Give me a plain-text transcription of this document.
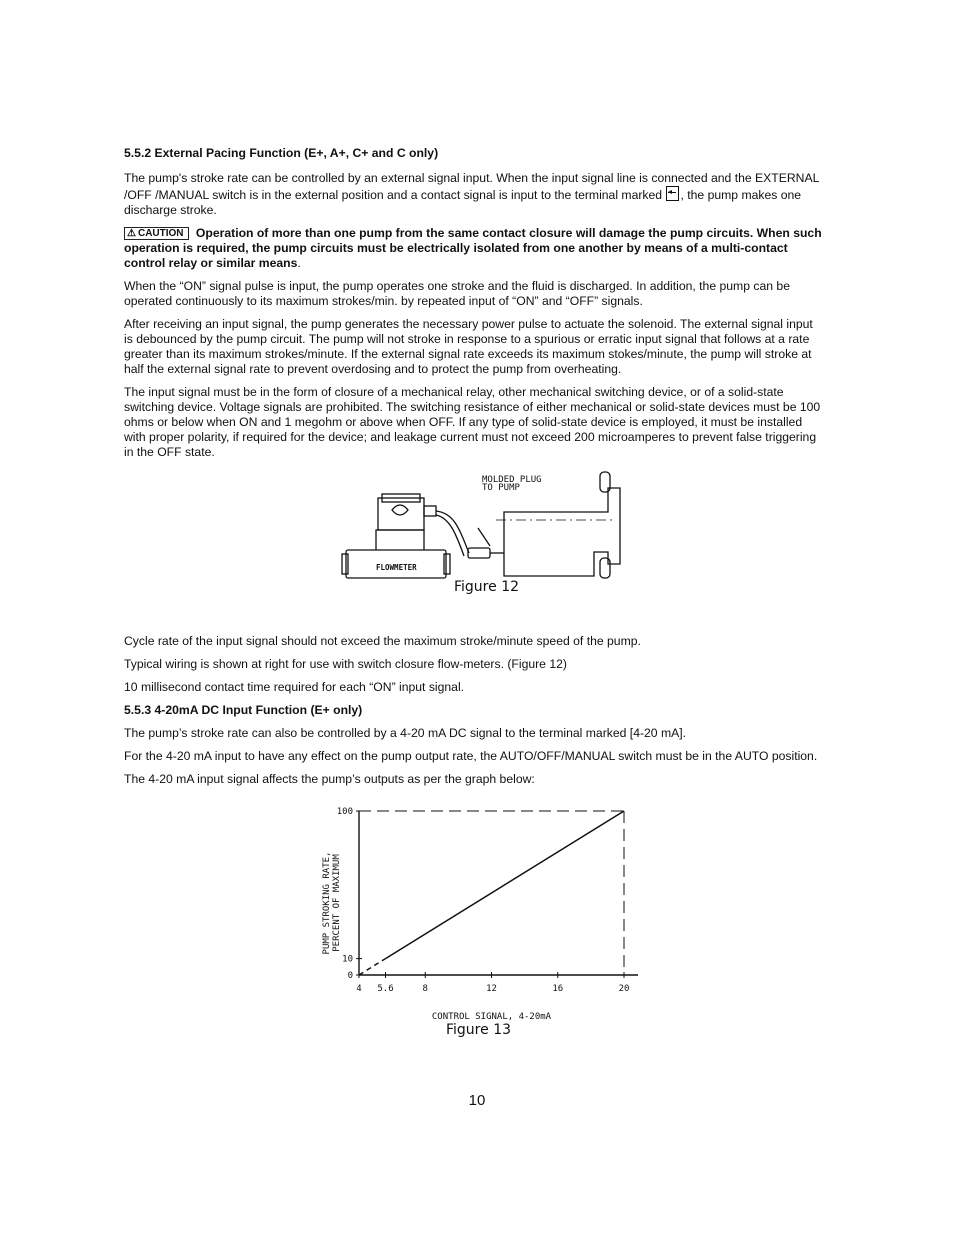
5.5.2 External Pacing Function (E+, A+, C+ and C only)

The pump's stroke rate can be controlled by an external signal input. When the input signal line is connected and the EXTERNAL /OFF /MANUAL switch is in the external position and a contact signal is input to the terminal marked , the pump makes one discharge stroke.

⚠ CAUTION Operation of more than one pump from the same contact closure will damage the pump circuits. When such operation is required, the pump circuits must be electrically isolated from one another by means of a multi-contact control relay or similar means.

When the “ON” signal pulse is input, the pump operates one stroke and the fluid is discharged. In addition, the pump can be operated continuously to its maximum strokes/min. by repeated input of “ON” and “OFF” signals.

After receiving an input signal, the pump generates the necessary power pulse to actuate the solenoid. The external signal input is debounced by the pump circuit. The pump will not stroke in response to a spurious or erratic input signal that follows at a rate greater than its maximum strokes/minute. If the external signal rate exceeds its maximum stokes/minute, the pump will stroke at half the external signal rate to prevent overdosing and to protect the pump from overheating.

The input signal must be in the form of closure of a mechanical relay, other mechanical switching device, or of a solid-state switching device. Voltage signals are prohibited. The switching resistance of either mechanical or solid-state devices must be 100 ohms or below when ON and 1 megohm or above when OFF. If any type of solid-state device is employed, it must be installed with proper polarity, if required for the device; and leakage current must not exceed 200 microamperes to prevent false triggering in the OFF state.

MOLDED PLUG
TO PUMP
FLOWMETER
Figure 12

Cycle rate of the input signal should not exceed the maximum stroke/minute speed of the pump.

Typical wiring is shown at right for use with switch closure flow-meters. (Figure 12)

10 millisecond contact time required for each “ON” input signal.

5.5.3 4-20mA DC Input Function (E+ only)

The pump’s stroke rate can also be controlled by a 4-20 mA DC signal to the terminal marked [4-20 mA].

For the 4-20 mA input to have any effect on the pump output rate, the AUTO/OFF/MANUAL switch must be in the AUTO position.

The 4-20 mA input signal affects the pump’s outputs as per the graph below:

4 5.6	8	12	16	20
0
10
100
CONTROL SIGNAL, 4-20mA
PUMP STROKING RATE, PERCENT OF MAXIMUM
Figure 13
10
